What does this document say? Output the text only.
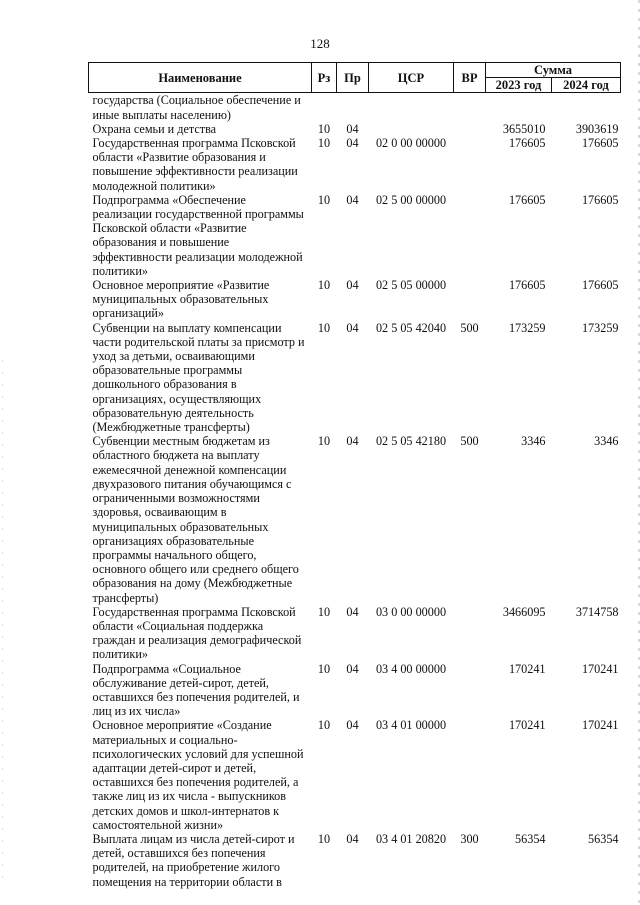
128
Наименование	Рз	Пр	ЦСР	ВР	Сумма	
					2023 год	2024 год
государства (Социальное обеспечение и иные выплаты населению)						
Охрана семьи и детства	10	04			3655010	3903619
Государственная программа Псковской области «Развитие образования и повышение эффективности реализации молодежной политики»	10	04	02 0 00 00000		176605	176605
Подпрограмма «Обеспечение реализации государственной программы Псковской области «Развитие образования и повышение эффективности реализации молодежной политики»	10	04	02 5 00 00000		176605	176605
Основное мероприятие «Развитие муниципальных образовательных организаций»	10	04	02 5 05 00000		176605	176605
Субвенции на выплату компенсации части родительской платы за присмотр и уход за детьми, осваивающими образовательные программы дошкольного образования в организациях, осуществляющих образовательную деятельность (Межбюджетные трансферты)	10	04	02 5 05 42040	500	173259	173259
Субвенции местным бюджетам из областного бюджета на выплату ежемесячной денежной компенсации двухразового питания обучающимся с ограниченными возможностями здоровья, осваивающим в муниципальных образовательных организациях образовательные программы начального общего, основного общего или среднего общего образования на дому (Межбюджетные трансферты)	10	04	02 5 05 42180	500	3346	3346
Государственная программа Псковской области «Социальная поддержка граждан и реализация демографической политики»	10	04	03 0 00 00000		3466095	3714758
Подпрограмма «Социальное обслуживание детей-сирот, детей, оставшихся без попечения родителей, и лиц из их числа»	10	04	03 4 00 00000		170241	170241
Основное мероприятие «Создание материальных и социально-психологических условий для успешной адаптации детей-сирот и детей, оставшихся без попечения родителей, а также лиц из их числа - выпускников детских домов и школ-интернатов к самостоятельной жизни»	10	04	03 4 01 00000		170241	170241
Выплата лицам из числа детей-сирот и детей, оставшихся без попечения родителей, на приобретение жилого помещения на территории области в	10	04	03 4 01 20820	300	56354	56354
